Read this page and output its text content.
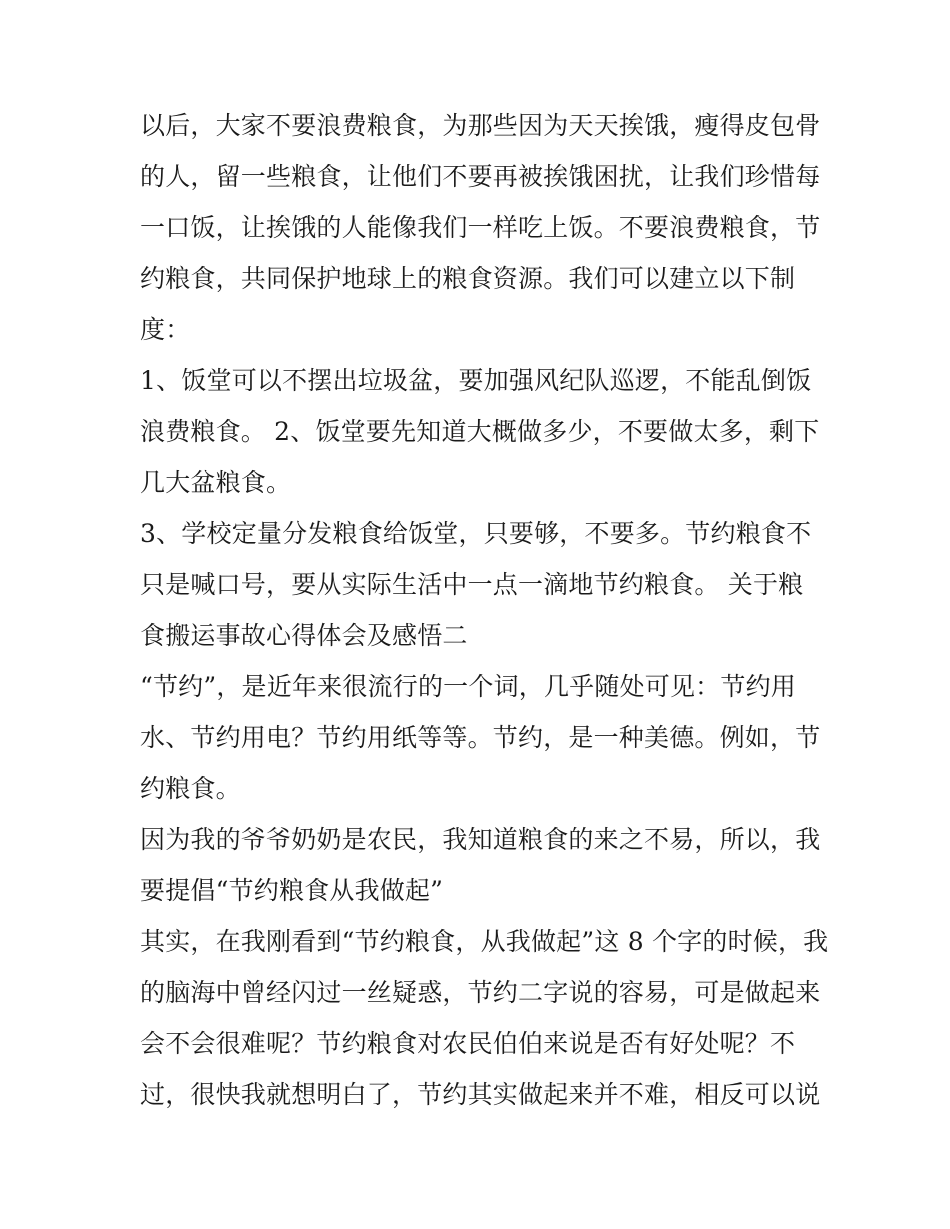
以后，大家不要浪费粮食，为那些因为天天挨饿，瘦得皮包骨
的人，留一些粮食，让他们不要再被挨饿困扰，让我们珍惜每
一口饭，让挨饿的人能像我们一样吃上饭。不要浪费粮食，节
约粮食，共同保护地球上的粮食资源。我们可以建立以下制
度：

1、饭堂可以不摆出垃圾盆，要加强风纪队巡逻，不能乱倒饭
浪费粮食。 2、饭堂要先知道大概做多少，不要做太多，剩下
几大盆粮食。

3、学校定量分发粮食给饭堂，只要够，不要多。节约粮食不
只是喊口号，要从实际生活中一点一滴地节约粮食。 关于粮
食搬运事故心得体会及感悟二

“节约”，是近年来很流行的一个词，几乎随处可见：节约用
水、节约用电？节约用纸等等。节约，是一种美德。例如，节
约粮食。

因为我的爷爷奶奶是农民，我知道粮食的来之不易，所以，我
要提倡“节约粮食从我做起”

其实，在我刚看到“节约粮食，从我做起”这 8 个字的时候，我
的脑海中曾经闪过一丝疑惑，节约二字说的容易，可是做起来
会不会很难呢？节约粮食对农民伯伯来说是否有好处呢？不
过，很快我就想明白了，节约其实做起来并不难，相反可以说
